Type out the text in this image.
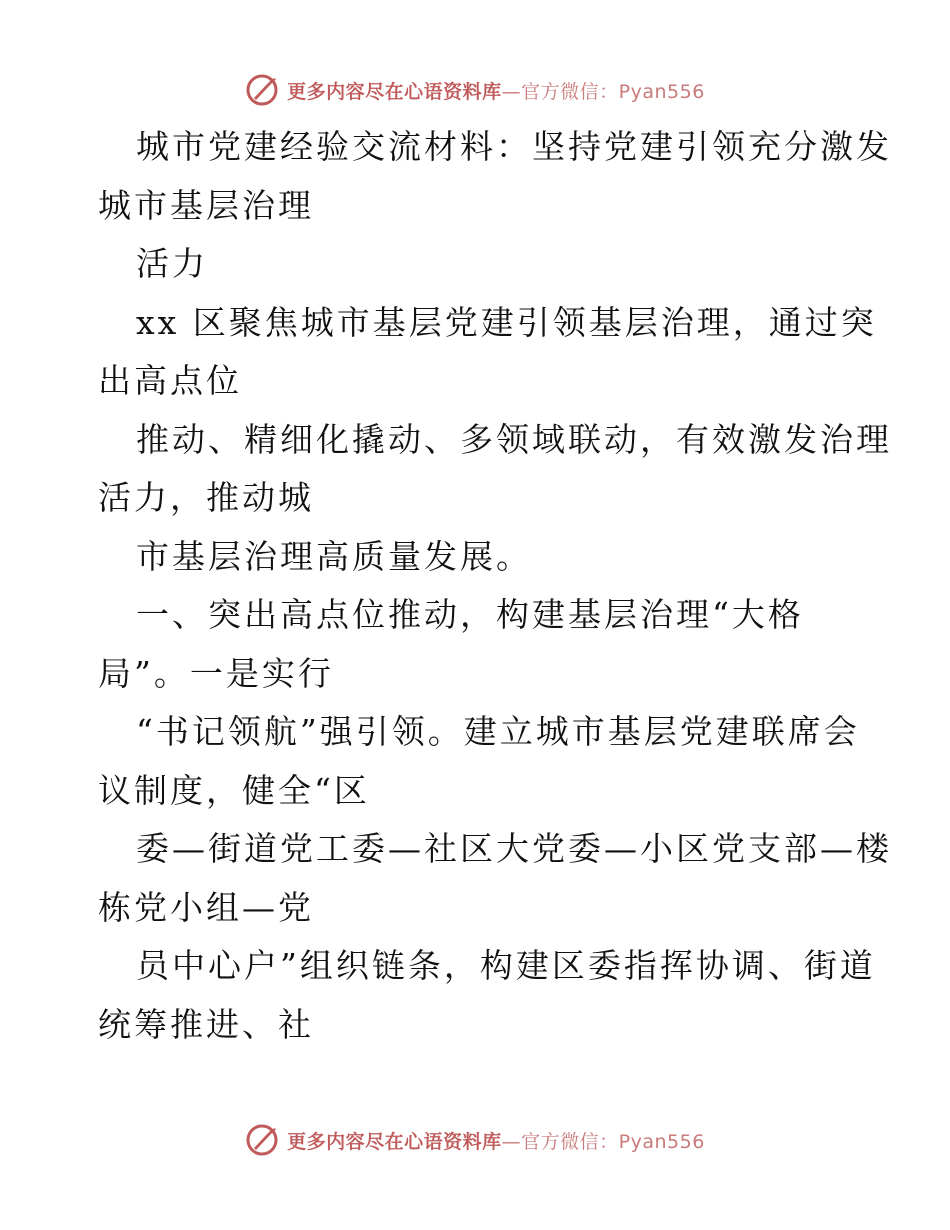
更多内容尽在心语资料库—官方微信：Pyan556
城市党建经验交流材料：坚持党建引领充分激发
城市基层治理
活力
xx 区聚焦城市基层党建引领基层治理，通过突
出高点位
推动、精细化撬动、多领域联动，有效激发治理
活力，推动城
市基层治理高质量发展。
一、突出高点位推动，构建基层治理“大格
局”。一是实行
“书记领航”强引领。建立城市基层党建联席会
议制度，健全“区
委—街道党工委—社区大党委—小区党支部—楼
栋党小组—党
员中心户”组织链条，构建区委指挥协调、街道
统筹推进、社
更多内容尽在心语资料库—官方微信：Pyan556
